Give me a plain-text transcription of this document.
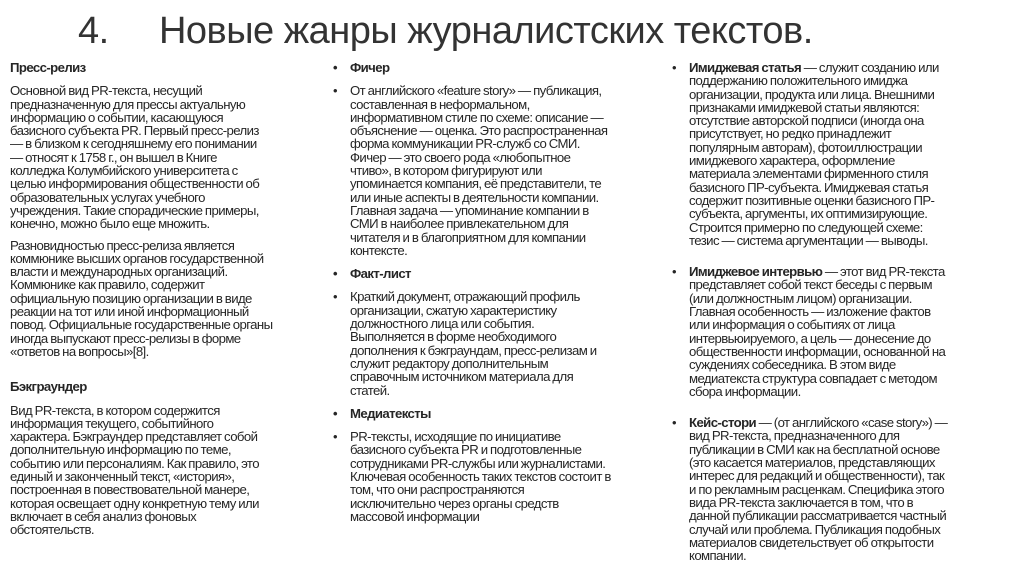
4.     Новые жанры журналистских текстов.
Пресс-релиз
Основной вид PR-текста, несущий
предназначенную для прессы актуальную
информацию о событии, касающуюся
базисного субъекта PR. Первый пресс-релиз
— в близком к сегодняшнему его понимании
— относят к 1758 г., он вышел в Книге
колледжа Колумбийского университета с
целью информирования общественности об
образовательных услугах учебного
учреждения. Такие спорадические примеры,
конечно, можно было еще множить.
Разновидностью пресс-релиза является
коммюнике высших органов государственной
власти и международных организаций.
Коммюнике как правило, содержит
официальную позицию организации в виде
реакции на тот или иной информационный
повод. Официальные государственные органы
иногда выпускают пресс-релизы в форме
«ответов на вопросы»[8].
Бэкграундер
Вид PR-текста, в котором содержится
информация текущего, событийного
характера. Бэкграундер представляет собой
дополнительную информацию по теме,
событию или персоналиям. Как правило, это
единый и законченный текст, «история»,
построенная в повествовательной манере,
которая освещает одну конкретную тему или
включает в себя анализ фоновых
обстоятельств.
• Фичер
• От английского «feature story» — публикация,
составленная в неформальном,
информативном стиле по схеме: описание —
объяснение — оценка. Это распространенная
форма коммуникации PR-служб со СМИ.
Фичер — это своего рода «любопытное
чтиво», в котором фигурируют или
упоминается компания, её представители, те
или иные аспекты в деятельности компании.
Главная задача — упоминание компании в
СМИ в наиболее привлекательном для
читателя и в благоприятном для компании
контексте.
• Факт-лист
• Краткий документ, отражающий профиль
организации, сжатую характеристику
должностного лица или события.
Выполняется в форме необходимого
дополнения к бэкграундам, пресс-релизам и
служит редактору дополнительным
справочным источником материала для
статей.
• Медиатексты
• PR-тексты, исходящие по инициативе
базисного субъекта PR и подготовленные
сотрудниками PR-службы или журналистами.
Ключевая особенность таких текстов состоит в
том, что они распространяются
исключительно через органы средств
массовой информации
• Имиджевая статья — служит созданию или
поддержанию положительного имиджа
организации, продукта или лица. Внешними
признаками имиджевой статьи являются:
отсутствие авторской подписи (иногда она
присутствует, но редко принадлежит
популярным авторам), фотоиллюстрации
имиджевого характера, оформление
материала элементами фирменного стиля
базисного ПР-субъекта. Имиджевая статья
содержит позитивные оценки базисного ПР-
субъекта, аргументы, их оптимизирующие.
Строится примерно по следующей схеме:
тезис — система аргументации — выводы.
• Имиджевое интервью — этот вид PR-текста
представляет собой текст беседы с первым
(или должностным лицом) организации.
Главная особенность — изложение фактов
или информация о событиях от лица
интервьюируемого, а цель — донесение до
общественности информации, основанной на
суждениях собеседника. В этом виде
медиатекста структура совпадает с методом
сбора информации.
• Кейс-стори — (от английского «case story») —
вид PR-текста, предназначенного для
публикации в СМИ как на бесплатной основе
(это касается материалов, представляющих
интерес для редакций и общественности), так
и по рекламным расценкам. Специфика этого
вида PR-текста заключается в том, что в
данной публикации рассматривается частный
случай или проблема. Публикация подобных
материалов свидетельствует об открытости
компании.
